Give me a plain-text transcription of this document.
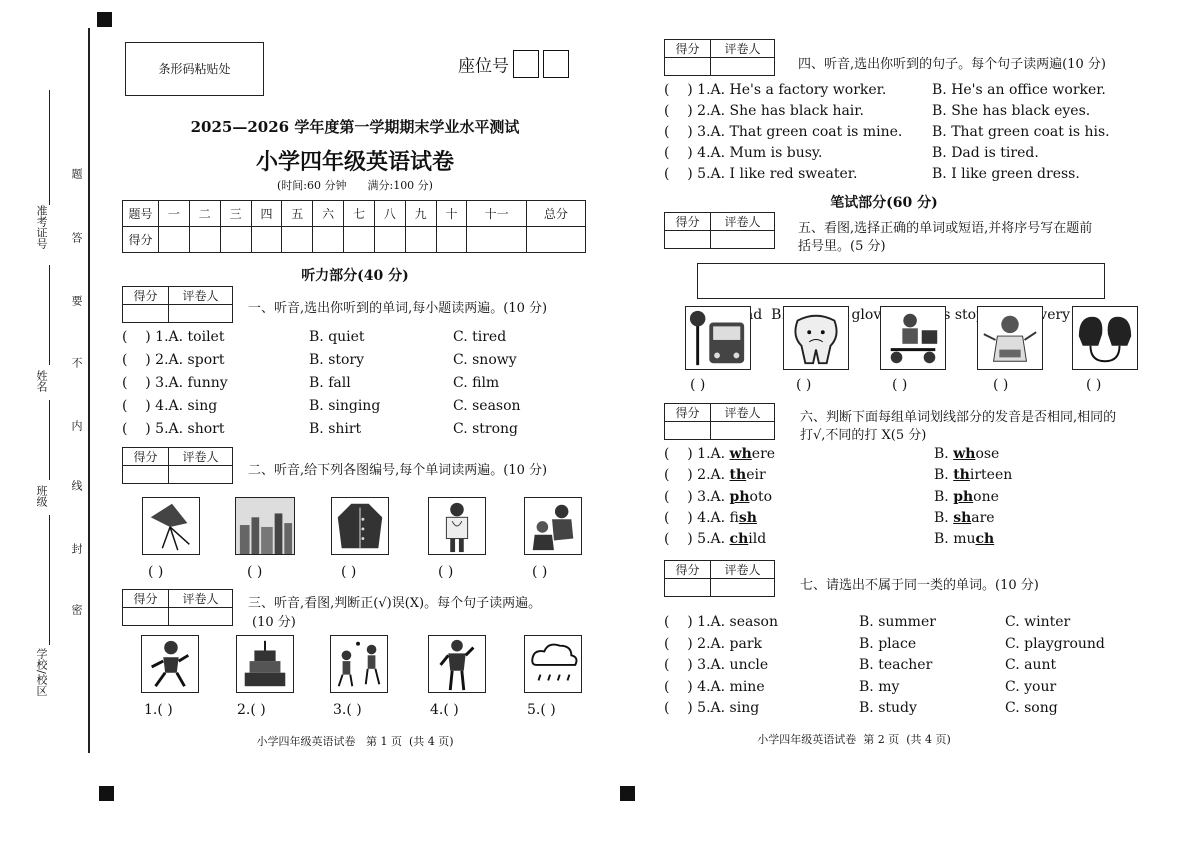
准考证号
姓名
班级
学校/校区
题
答
要
不
内
线
封
密
条形码粘贴处	座位号
2025—2026 学年度第一学期期末学业水平测试
小学四年级英语试卷
(时间:60 分钟 满分:100 分)
题号	一	二	三	四	五	六	七	八	九	十	十一	总分
得分												
听力部分(40 分)
得分	评卷人

一、听音,选出你听到的单词,每小题读两遍。(10 分)
(    ) 1.A. toilet	B. quiet	C. tired
(    ) 2.A. sport	B. story	C. snowy
(    ) 3.A. funny	B. fall	C. film
(    ) 4.A. sing	B. singing	C. season
(    ) 5.A. short	B. shirt	C. strong
得分	评卷人

二、听音,给下列各图编号,每个单词读两遍。(10 分)
( )	( )	( )	( )	( )
得分	评卷人
	三、听音,看图,判断正(√)误(X)。每个句子读两遍。
(10 分)
1.( )	2.( )	3.( )	4.( )	5.( )
小学四年级英语试卷   第 1 页  (共 4 页)
得分	评卷人

四、听音,选出你听到的句子。每个句子读两遍(10 分)
(    ) 1.A. He's a factory worker.	B. He's an office worker.
(    ) 2.A. She has black hair.	B. She has black eyes.
(    ) 3.A. That green coat is mine. B. That green coat is his.
(    ) 4.A. Mum is busy.	B. Dad is tired.
(    ) 5.A. I like red sweater.	B. I like green dress.
笔试部分(60 分)
得分	评卷人
		五、看图,选择正确的单词或短语,并将序号写在题前
括号里。(5 分)

B.    gloves    stop

( )	( )	( )	( )	( )
得分	评卷人
		六、判断下面每组单词划线部分的发音是否相同,相同的
打√,不同的打 X(5 分)
(    ) 1.A. where	B. whose
(    ) 2.A. their	B. thirteen
(    ) 3.A. photo	B. phone
(    ) 4.A. fish	B. share
(    ) 5.A. child	B. much
得分	评卷人

七、请选出不属于同一类的单词。(10 分)
(    ) 1.A. season	B. summer	C. winter
(    ) 2.A. park	B. place	C. playground
(    ) 3.A. uncle	B. teacher	C. aunt
(    ) 4.A. mine	B. my	C. your
(    ) 5.A. sing	B. study	C. song
小学四年级英语试卷  第 2 页  (共 4 页)
